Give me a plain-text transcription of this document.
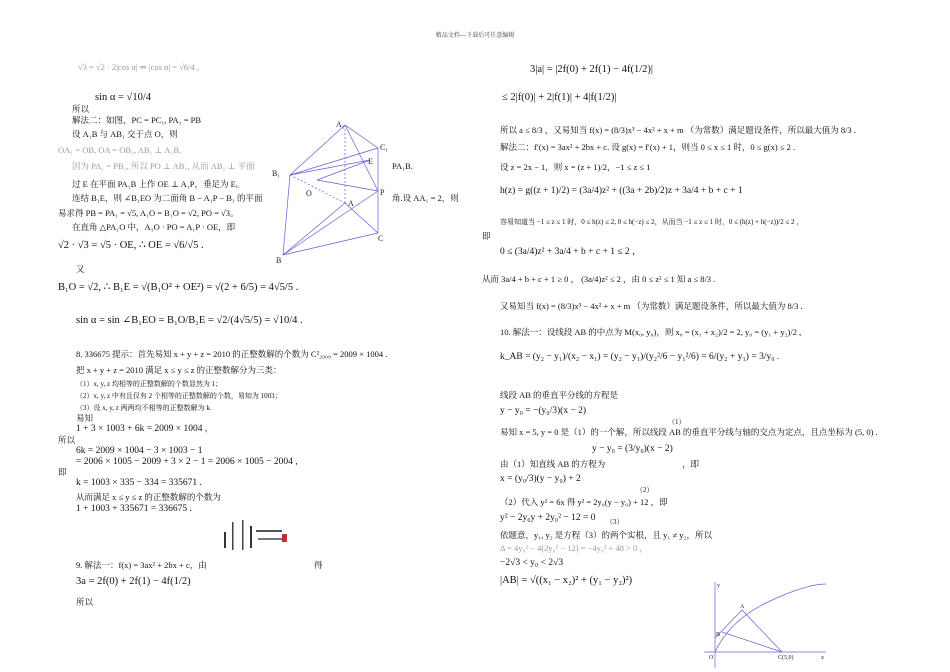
精品文档---下载后可任意编辑
√3 = √2 · 2|cos α| ⇒ |cos α| = √6/4 ,
所以
sin α = √10/4
解法二：如图，PC = PC₁, PA₁ = PB
设 A₁B 与 AB₁ 交于点 O，则
OA₁ = OB, OA = OB₁, AB₁ ⊥ A₁B,
因为 PA₁ = PB₁, 所以 PO ⊥ AB₁, 从而 AB₁ ⊥ 平面	PA₁B.
过 E 在平面 PA₁B 上作 OE ⊥ A₁P，垂足为 E。
连结 B₁E，则 ∠B₁EO 为二面角 B − A₁P − B₁ 的平面	角.设 AA₁ = 2，则
易求得 PB = PA₁ = √5, A₁O = B₁O = √2, PO = √3。
在直角 △PA₁O 中，A₁O · PO = A₁P · OE，即
√2 · √3 = √5 · OE, ∴ OE = √6/√5 .
又
B₁O = √2, ∴ B₁E = √(B₁O² + OE²) = √(2 + 6/5) = 4√5/5 .
sin α = sin ∠B₁EO = B₁O/B₁E = √2/(4√5/5) = √10/4 .
8. 336675 提示：首先易知 x + y + z = 2010 的正整数解的个数为 C²₂₀₀₉ = 2009 × 1004 .
把 x + y + z = 2010 满足 x ≤ y ≤ z 的正整数解分为三类：
（1）x, y, z 均相等的正整数解的个数显然为 1；
（2）x, y, z 中有且仅有 2 个相等的正整数解的个数，易知为 1003；
（3）设 x, y, z 两两均不相等的正整数解为 k.
易知
1 + 3 × 1003 + 6k = 2009 × 1004 ,
所以
6k = 2009 × 1004 − 3 × 1003 − 1
= 2006 × 1005 − 2009 + 3 × 2 − 1 = 2006 × 1005 − 2004 ,
即
k = 1003 × 335 − 334 = 335671 .
从而满足 x ≤ y ≤ z 的正整数解的个数为
1 + 1003 + 335671 = 336675 .
9. 解法一：f(x) = 3ax² + 2bx + c，由	得
3a = 2f(0) + 2f(1) − 4f(1/2)
所以
A₁
C₁
B₁
E
O	P
A
C
B
3|a| = |2f(0) + 2f(1) − 4f(1/2)|
≤ 2|f(0)| + 2|f(1)| + 4|f(1/2)|
所以 a ≤ 8/3 ，又易知当 f(x) = (8/3)x³ − 4x² + x + m （为常数）满足题设条件，所以最大值为 8/3 .
解法二：f′(x) = 3ax² + 2bx + c. 设 g(x) = f′(x) + 1，则当 0 ≤ x ≤ 1 时，0 ≤ g(x) ≤ 2 .
设 z = 2x − 1，则 x = (z + 1)/2，−1 ≤ z ≤ 1
h(z) = g((z + 1)/2) = (3a/4)z² + ((3a + 2b)/2)z + 3a/4 + b + c + 1
容易知道当 −1 ≤ z ≤ 1 时，0 ≤ h(z) ≤ 2, 0 ≤ h(−z) ≤ 2，从而当 −1 ≤ z ≤ 1 时，0 ≤ (h(z) + h(−z))/2 ≤ 2 ，
即
0 ≤ (3a/4)z² + 3a/4 + b + c + 1 ≤ 2 ，
从而 3a/4 + b + c + 1 ≥ 0 ， (3a/4)z² ≤ 2 ，由 0 ≤ z² ≤ 1 知 a ≤ 8/3 .
又易知当 f(x) = (8/3)x³ − 4x² + x + m （为常数）满足题设条件，所以最大值为 8/3 .
10. 解法一：设线段 AB 的中点为 M(x₀, y₀)，则 x₀ = (x₁ + x₂)/2 = 2, y₀ = (y₁ + y₂)/2 ,
k_AB = (y₂ − y₁)/(x₂ − x₁) = (y₂ − y₁)/(y₂²/6 − y₁²/6) = 6/(y₂ + y₁) = 3/y₀ .
线段 AB 的垂直平分线的方程是
y − y₀ = −(y₀/3)(x − 2)
（1）
易知 x = 5, y = 0 是（1）的一个解，所以线段 AB 的垂直平分线与轴的交点为定点，且点坐标为 (5, 0) .
y − y₀ = (3/y₀)(x − 2)
由（1）知直线 AB 的方程为	，即
x = (y₀/3)(y − y₀) + 2
（2）
（2）代入 y² = 6x 得 y² = 2y₀(y − y₀) + 12 ，即
y² − 2y₀y + 2y₀² − 12 = 0 （3）
依题意，y₁, y₂ 是方程（3）的两个实根，且 y₁ ≠ y₂，所以
Δ = 4y₀² − 4(2y₀² − 12) = −4y₀² + 48 > 0 ，
−2√3 < y₀ < 2√3
|AB| = √((x₁ − x₂)² + (y₁ − y₂)²)
A
B
O	C(5,0)	x
y
